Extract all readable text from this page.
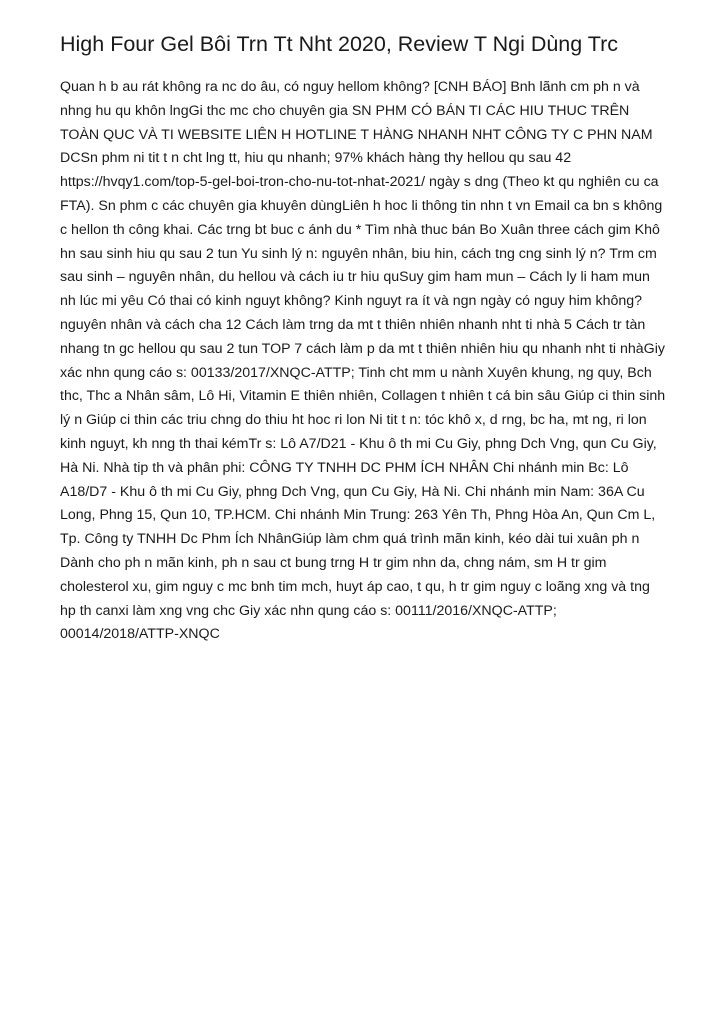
High Four Gel Bôi Trn Tt Nht 2020, Review T Ngi Dùng Trc

Quan h b au rát không ra nc do âu, có nguy hellom không? [CNH BÁO] Bnh lãnh cm ph n và nhng hu qu khôn lngGi thc mc cho chuyên gia SN PHM CÓ BÁN TI CÁC HIU THUC TRÊN TOÀN QUC VÀ TI WEBSITE LIÊN H HOTLINE T HÀNG NHANH NHT CÔNG TY C PHN NAM DCSn phm ni tit t n cht lng tt, hiu qu nhanh; 97% khách hàng thy hellou qu sau 42 https://hvqy1.com/top-5-gel-boi-tron-cho-nu-tot-nhat-2021/ ngày s dng (Theo kt qu nghiên cu ca FTA). Sn phm c các chuyên gia khuyên dùngLiên h hoc li thông tin nhn t vn Email ca bn s không c hellon th công khai. Các trng bt buc c ánh du * Tìm nhà thuc bán Bo Xuân three cách gim Khô hn sau sinh hiu qu sau 2 tun Yu sinh lý n: nguyên nhân, biu hin, cách tng cng sinh lý n? Trm cm sau sinh – nguyên nhân, du hellou và cách iu tr hiu quSuy gim ham mun – Cách ly li ham mun nh lúc mi yêu Có thai có kinh nguyt không? Kinh nguyt ra ít và ngn ngày có nguy him không? nguyên nhân và cách cha 12 Cách làm trng da mt t thiên nhiên nhanh nht ti nhà 5 Cách tr tàn nhang tn gc hellou qu sau 2 tun TOP 7 cách làm p da mt t thiên nhiên hiu qu nhanh nht ti nhàGiy xác nhn qung cáo s: 00133/2017/XNQC-ATTP; Tinh cht mm u nành Xuyên khung, ng quy, Bch thc, Thc a Nhân sâm, Lô Hi, Vitamin E thiên nhiên, Collagen t nhiên t cá bin sâu Giúp ci thin sinh lý n Giúp ci thin các triu chng do thiu ht hoc ri lon Ni tit t n: tóc khô x, d rng, bc ha, mt ng, ri lon kinh nguyt, kh nng th thai kémTr s: Lô A7/D21 - Khu ô th mi Cu Giy, phng Dch Vng, qun Cu Giy, Hà Ni. Nhà tip th và phân phi: CÔNG TY TNHH DC PHM ÍCH NHÂN Chi nhánh min Bc: Lô A18/D7 - Khu ô th mi Cu Giy, phng Dch Vng, qun Cu Giy, Hà Ni. Chi nhánh min Nam: 36A Cu Long, Phng 15, Qun 10, TP.HCM. Chi nhánh Min Trung: 263 Yên Th, Phng Hòa An, Qun Cm L, Tp. Công ty TNHH Dc Phm Ích NhânGiúp làm chm quá trình mãn kinh, kéo dài tui xuân ph n Dành cho ph n mãn kinh, ph n sau ct bung trng H tr gim nhn da, chng nám, sm H tr gim cholesterol xu, gim nguy c mc bnh tim mch, huyt áp cao, t qu, h tr gim nguy c loãng xng và tng hp th canxi làm xng vng chc Giy xác nhn qung cáo s: 00111/2016/XNQC-ATTP; 00014/2018/ATTP-XNQC
